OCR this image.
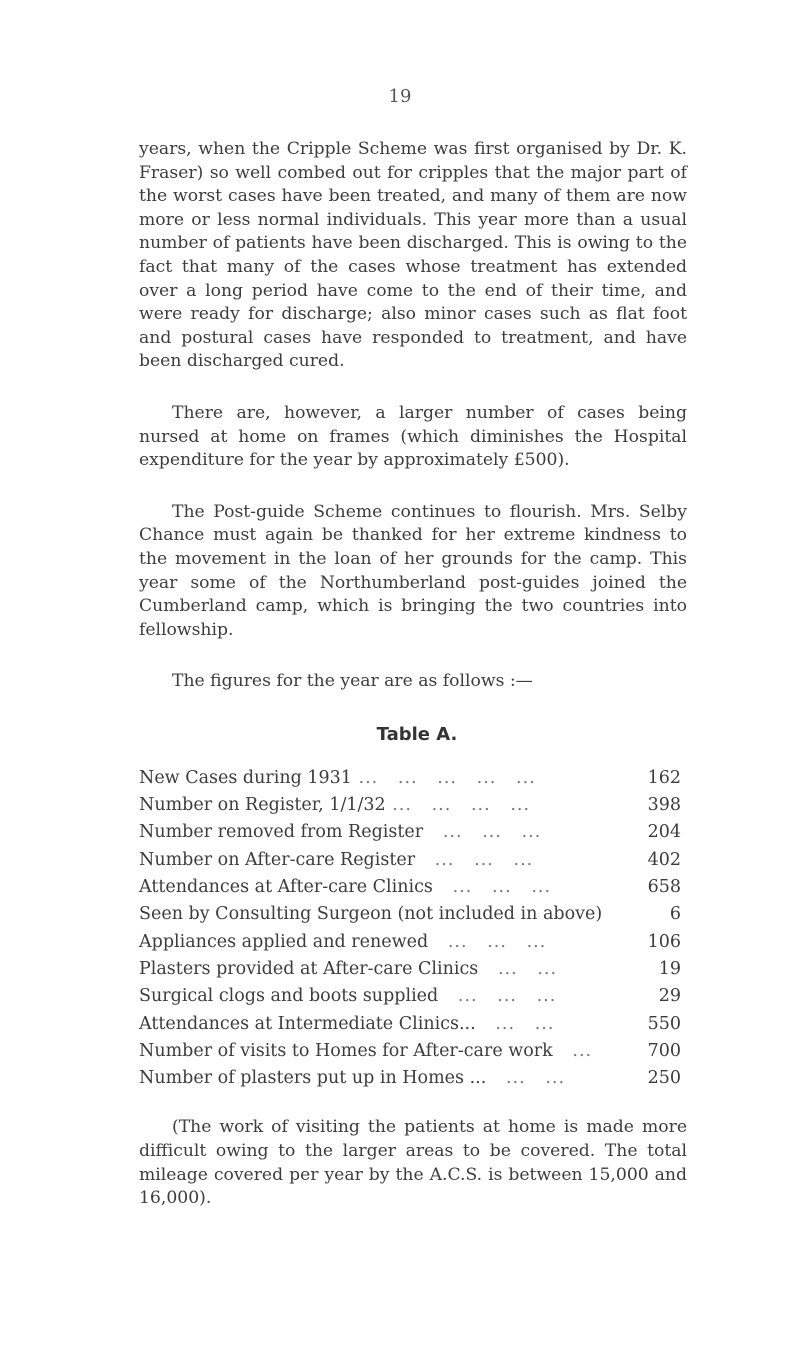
19

years, when the Cripple Scheme was first organised by Dr. K. Fraser) so well combed out for cripples that the major part of the worst cases have been treated, and many of them are now more or less normal individuals. This year more than a usual number of patients have been discharged. This is owing to the fact that many of the cases whose treatment has extended over a long period have come to the end of their time, and were ready for discharge; also minor cases such as flat foot and postural cases have responded to treatment, and have been discharged cured.

There are, however, a larger number of cases being nursed at home on frames (which diminishes the Hospital expenditure for the year by approximately £500).

The Post-guide Scheme continues to flourish. Mrs. Selby Chance must again be thanked for her extreme kindness to the movement in the loan of her grounds for the camp. This year some of the Northumberland post-guides joined the Cumberland camp, which is bringing the two countries into fellowship.

The figures for the year are as follows :—

Table A.

New Cases during 1931 ...   ...   ...   ...   ...	162
Number on Register, 1/1/32 ...   ...   ...   ...	398
Number removed from Register   ...   ...   ...	204
Number on After-care Register   ...   ...   ...	402
Attendances at After-care Clinics   ...   ...   ...	658
Seen by Consulting Surgeon (not included in above)	6
Appliances applied and renewed   ...   ...   ...	106
Plasters provided at After-care Clinics   ...   ...	19
Surgical clogs and boots supplied   ...   ...   ...	29
Attendances at Intermediate Clinics...   ...   ...	550
Number of visits to Homes for After-care work   ...	700
Number of plasters put up in Homes ...   ...   ...	250

(The work of visiting the patients at home is made more difficult owing to the larger areas to be covered. The total mileage covered per year by the A.C.S. is between 15,000 and 16,000).
